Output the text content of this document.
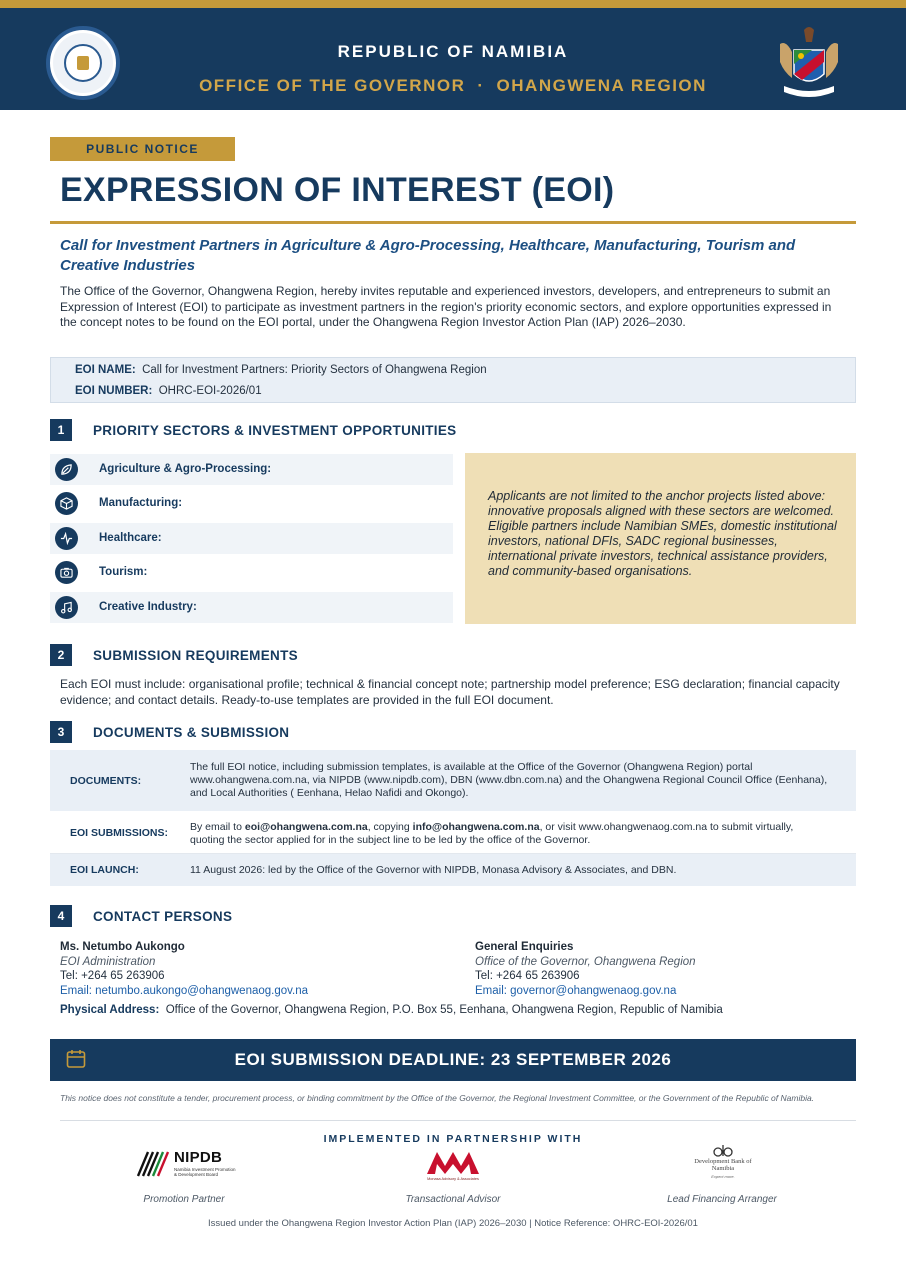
REPUBLIC OF NAMIBIA
OFFICE OF THE GOVERNOR · OHANGWENA REGION
PUBLIC NOTICE
EXPRESSION OF INTEREST (EOI)
Call for Investment Partners in Agriculture & Agro-Processing, Healthcare, Manufacturing, Tourism and Creative Industries
The Office of the Governor, Ohangwena Region, hereby invites reputable and experienced investors, developers, and entrepreneurs to submit an Expression of Interest (EOI) to participate as investment partners in the region's priority economic sectors, and explore opportunities expressed in the concept notes to be found on the EOI portal, under the Ohangwena Region Investor Action Plan (IAP) 2026–2030.
EOI NAME: Call for Investment Partners: Priority Sectors of Ohangwena Region
EOI NUMBER: OHRC-EOI-2026/01
1	PRIORITY SECTORS & INVESTMENT OPPORTUNITIES
Agriculture & Agro-Processing:
Manufacturing:
Healthcare:
Tourism:
Creative Industry:
Applicants are not limited to the anchor projects listed above: innovative proposals aligned with these sectors are welcomed. Eligible partners include Namibian SMEs, domestic institutional investors, national DFIs, SADC regional businesses, international private investors, technical assistance providers, and community-based organisations.
2	SUBMISSION REQUIREMENTS
Each EOI must include: organisational profile; technical & financial concept note; partnership model preference; ESG declaration; financial capacity evidence; and contact details. Ready-to-use templates are provided in the full EOI document.
3	DOCUMENTS & SUBMISSION
DOCUMENTS:
The full EOI notice, including submission templates, is available at the Office of the Governor (Ohangwena Region) portal www.ohangwena.com.na, via NIPDB (www.nipdb.com), DBN (www.dbn.com.na) and the Ohangwena Regional Council Office (Eenhana), and Local Authorities ( Eenhana, Helao Nafidi and Okongo).
EOI SUBMISSIONS: By email to eoi@ohangwena.com.na, copying info@ohangwena.com.na, or visit www.ohangwenaog.com.na to submit virtually, quoting the sector applied for in the subject line to be led by the office of the Governor.
EOI LAUNCH:	11 August 2026: led by the Office of the Governor with NIPDB, Monasa Advisory & Associates, and DBN.
4	CONTACT PERSONS
Ms. Netumbo Aukongo
EOI Administration
Tel: +264 65 263906
Email: netumbo.aukongo@ohangwenaog.gov.na
General Enquiries
Office of the Governor, Ohangwena Region
Tel: +264 65 263906
Email: governor@ohangwenaog.gov.na
Physical Address: Office of the Governor, Ohangwena Region, P.O. Box 55, Eenhana, Ohangwena Region, Republic of Namibia
EOI SUBMISSION DEADLINE: 23 SEPTEMBER 2026
This notice does not constitute a tender, procurement process, or binding commitment by the Office of the Governor, the Regional Investment Committee, or the Government of the Republic of Namibia.
IMPLEMENTED IN PARTNERSHIP WITH
NIPDB
Namibia Investment Promotion & Development Board
Monasa Advisory & Associates
Development Bank of Namibia
Expect more.
Promotion Partner	Transactional Advisor	Lead Financing Arranger
Issued under the Ohangwena Region Investor Action Plan (IAP) 2026–2030 | Notice Reference: OHRC-EOI-2026/01
